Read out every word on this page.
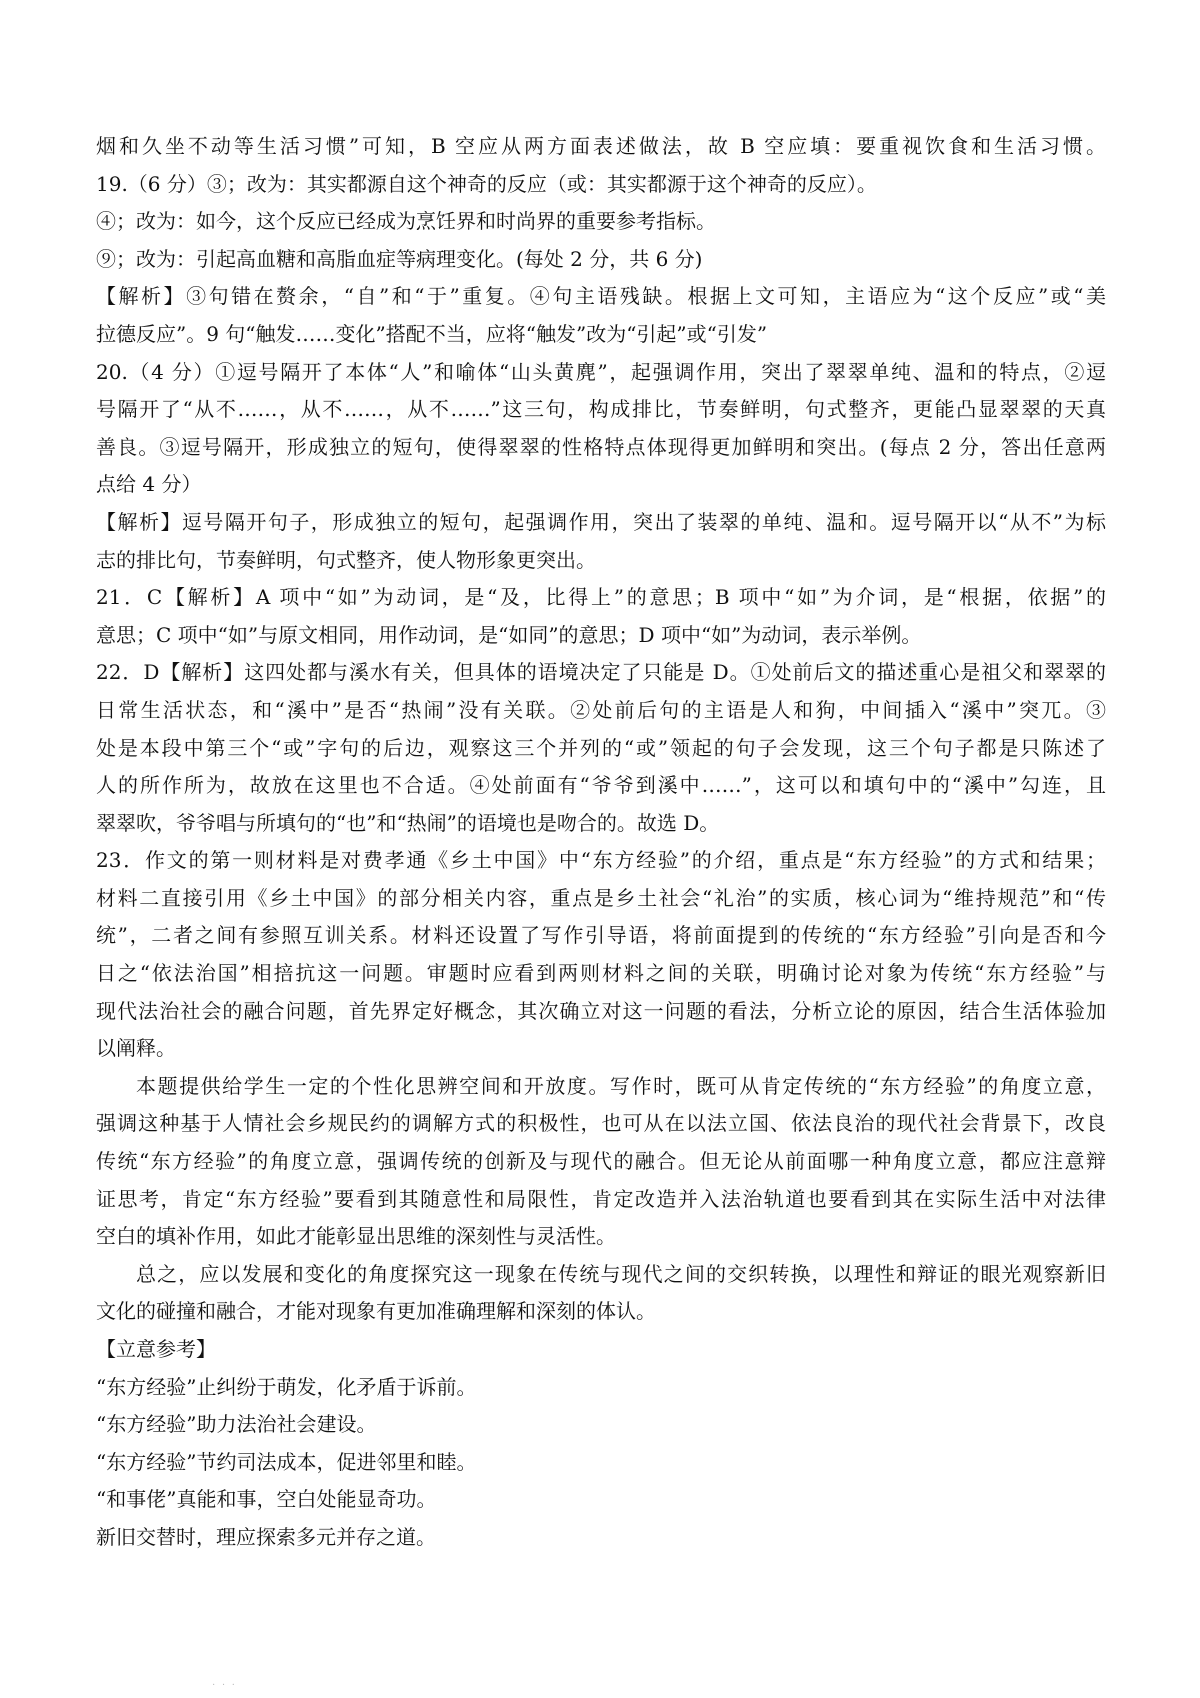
烟和久坐不动等生活习惯”可知，B 空应从两方面表述做法，故 B 空应填：要重视饮食和生活习惯。
19.（6 分）③；改为：其实都源自这个神奇的反应（或：其实都源于这个神奇的反应）。
④；改为：如今，这个反应已经成为烹饪界和时尚界的重要参考指标。
⑨；改为：引起高血糖和高脂血症等病理变化。(每处 2 分，共 6 分)
【解析】③句错在赘余，“自”和“于”重复。④句主语残缺。根据上文可知，主语应为“这个反应”或“美
拉德反应”。9 句“触发……变化”搭配不当，应将“触发”改为“引起”或“引发”
20.（4 分）①逗号隔开了本体“人”和喻体“山头黄麂”，起强调作用，突出了翠翠单纯、温和的特点，②逗
号隔开了“从不……，从不……，从不……”这三句，构成排比，节奏鲜明，句式整齐，更能凸显翠翠的天真
善良。③逗号隔开，形成独立的短句，使得翠翠的性格特点体现得更加鲜明和突出。(每点 2 分，答出任意两
点给 4 分）
【解析】逗号隔开句子，形成独立的短句，起强调作用，突出了装翠的单纯、温和。逗号隔开以“从不”为标
志的排比句，节奏鲜明，句式整齐，使人物形象更突出。
21．C【解析】A 项中“如”为动词，是“及，比得上”的意思；B 项中“如”为介词，是“根据，依据”的
意思；C 项中“如”与原文相同，用作动词，是“如同”的意思；D 项中“如”为动词，表示举例。
22．D【解析】这四处都与溪水有关，但具体的语境决定了只能是 D。①处前后文的描述重心是祖父和翠翠的
日常生活状态，和“溪中”是否“热闹”没有关联。②处前后句的主语是人和狗，中间插入“溪中”突兀。③
处是本段中第三个“或”字句的后边，观察这三个并列的“或”领起的句子会发现，这三个句子都是只陈述了
人的所作所为，故放在这里也不合适。④处前面有“爷爷到溪中……”，这可以和填句中的“溪中”勾连，且
翠翠吹，爷爷唱与所填句的“也”和“热闹”的语境也是吻合的。故选 D。
23．作文的第一则材料是对费孝通《乡土中国》中“东方经验”的介绍，重点是“东方经验”的方式和结果；
材料二直接引用《乡土中国》的部分相关内容，重点是乡土社会“礼治”的实质，核心词为“维持规范”和“传
统”，二者之间有参照互训关系。材料还设置了写作引导语，将前面提到的传统的“东方经验”引向是否和今
日之“依法治国”相掊抗这一问题。审题时应看到两则材料之间的关联，明确讨论对象为传统“东方经验”与
现代法治社会的融合问题，首先界定好概念，其次确立对这一问题的看法，分析立论的原因，结合生活体验加
以阐释。
本题提供给学生一定的个性化思辨空间和开放度。写作时，既可从肯定传统的“东方经验”的角度立意，
强调这种基于人情社会乡规民约的调解方式的积极性，也可从在以法立国、依法良治的现代社会背景下，改良
传统“东方经验”的角度立意，强调传统的创新及与现代的融合。但无论从前面哪一种角度立意，都应注意辩
证思考，肯定“东方经验”要看到其随意性和局限性，肯定改造并入法治轨道也要看到其在实际生活中对法律
空白的填补作用，如此才能彰显出思维的深刻性与灵活性。
总之，应以发展和变化的角度探究这一现象在传统与现代之间的交织转换，以理性和辩证的眼光观察新旧
文化的碰撞和融合，才能对现象有更加准确理解和深刻的体认。
【立意参考】
“东方经验”止纠纷于萌发，化矛盾于诉前。
“东方经验”助力法治社会建设。
“东方经验”节约司法成本，促进邻里和睦。
“和事佬”真能和事，空白处能显奇功。
新旧交替时，理应探索多元并存之道。
· · ·
